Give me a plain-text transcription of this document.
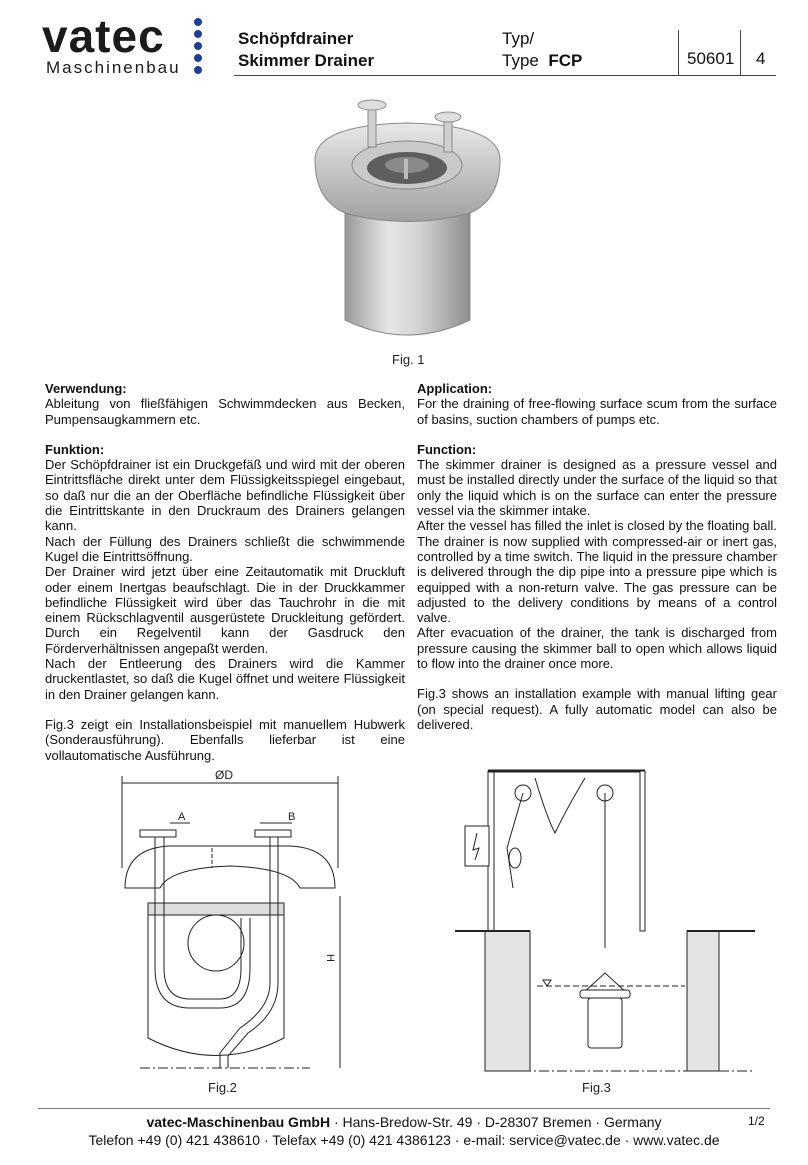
vatec
Maschinenbau
Schöpfdrainer
Skimmer Drainer
Typ/
Type FCP	50601 4
Fig. 1
Verwendung:

Ableitung von fließfähigen Schwimmdecken aus Becken, Pumpensaugkammern etc.

Funktion:

Der Schöpfdrainer ist ein Druckgefäß und wird mit der oberen Eintrittsfläche direkt unter dem Flüssigkeitsspiegel eingebaut, so daß nur die an der Oberfläche befindliche Flüssigkeit über die Eintrittskante in den Druckraum des Drainers gelangen kann.

Nach der Füllung des Drainers schließt die schwimmende Kugel die Eintrittsöffnung.

Der Drainer wird jetzt über eine Zeitautomatik mit Druckluft oder einem Inertgas beaufschlagt. Die in der Druckkammer befindliche Flüssigkeit wird über das Tauchrohr in die mit einem Rückschlagventil ausgerüstete Druckleitung gefördert. Durch ein Regelventil kann der Gasdruck den Förderverhältnissen angepaßt werden.

Nach der Entleerung des Drainers wird die Kammer druckentlastet, so daß die Kugel öffnet und weitere Flüssigkeit in den Drainer gelangen kann.

Fig.3 zeigt ein Installationsbeispiel mit manuellem Hubwerk (Sonderausführung). Ebenfalls lieferbar ist eine vollautomatische Ausführung.

Application:

For the draining of free-flowing surface scum from the surface of basins, suction chambers of pumps etc.

Function:

The skimmer drainer is designed as a pressure vessel and must be installed directly under the surface of the liquid so that only the liquid which is on the surface can enter the pressure vessel via the skimmer intake.

After the vessel has filled the inlet is closed by the floating ball.

The drainer is now supplied with compressed-air or inert gas, controlled by a time switch. The liquid in the pressure chamber is delivered through the dip pipe into a pressure pipe which is equipped with a non-return valve. The gas pressure can be adjusted to the delivery conditions by means of a control valve.

After evacuation of the drainer, the tank is discharged from pressure causing the skimmer ball to open which allows liquid to flow into the drainer once more.

Fig.3 shows an installation example with manual lifting gear (on special request). A fully automatic model can also be delivered.

ØD
H
A	B
Fig.2	Fig.3
vatec-Maschinenbau GmbH · Hans-Bredow-Str. 49 · D-28307 Bremen · Germany
Telefon +49 (0) 421 438610 · Telefax +49 (0) 421 4386123 · e-mail: service@vatec.de · www.vatec.de
1/2
